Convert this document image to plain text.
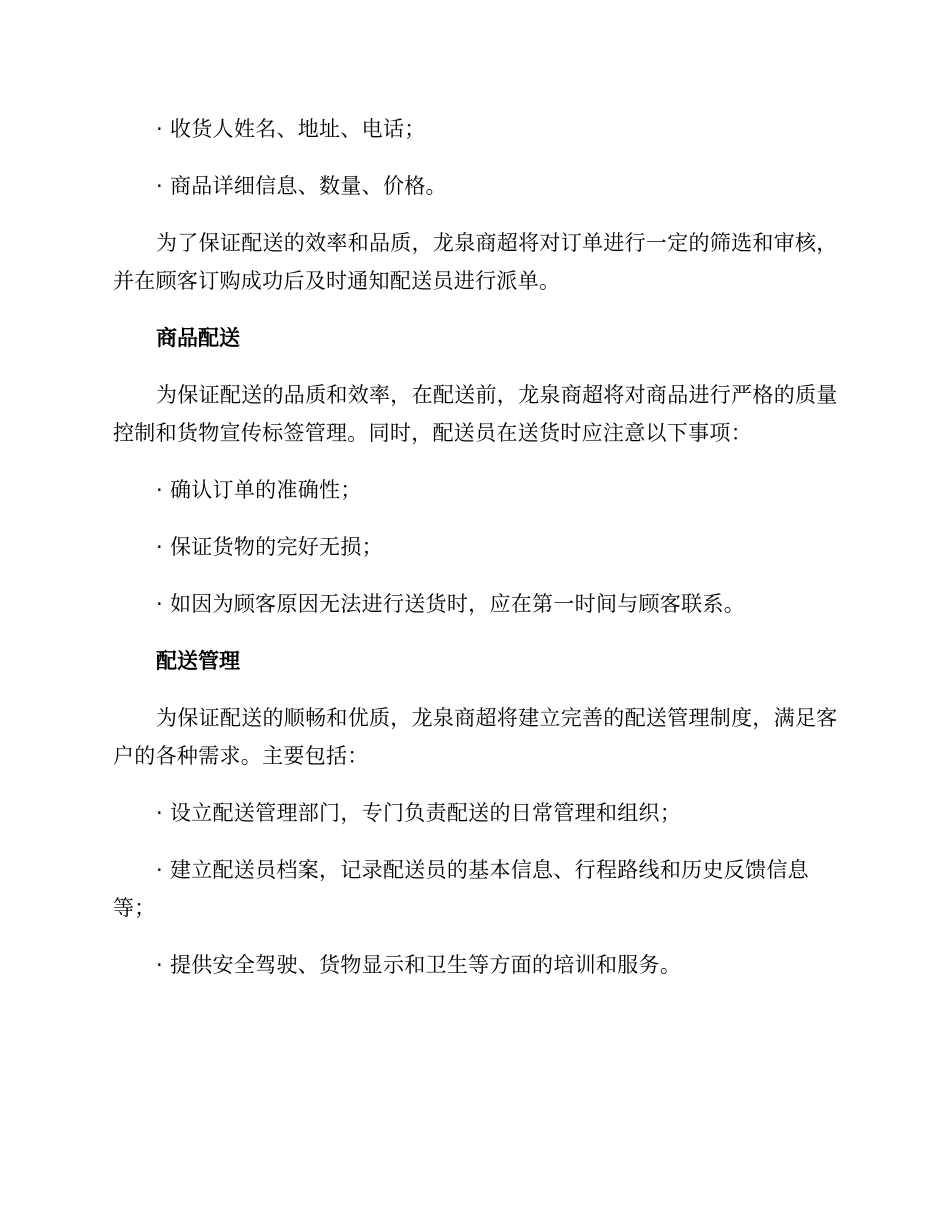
· 收货人姓名、地址、电话；

· 商品详细信息、数量、价格。

为了保证配送的效率和品质，龙泉商超将对订单进行一定的筛选和审核，并在顾客订购成功后及时通知配送员进行派单。

商品配送

为保证配送的品质和效率，在配送前，龙泉商超将对商品进行严格的质量控制和货物宣传标签管理。同时，配送员在送货时应注意以下事项：

· 确认订单的准确性；

· 保证货物的完好无损；

· 如因为顾客原因无法进行送货时，应在第一时间与顾客联系。

配送管理

为保证配送的顺畅和优质，龙泉商超将建立完善的配送管理制度，满足客户的各种需求。主要包括：

· 设立配送管理部门，专门负责配送的日常管理和组织；

· 建立配送员档案，记录配送员的基本信息、行程路线和历史反馈信息等；

· 提供安全驾驶、货物显示和卫生等方面的培训和服务。
